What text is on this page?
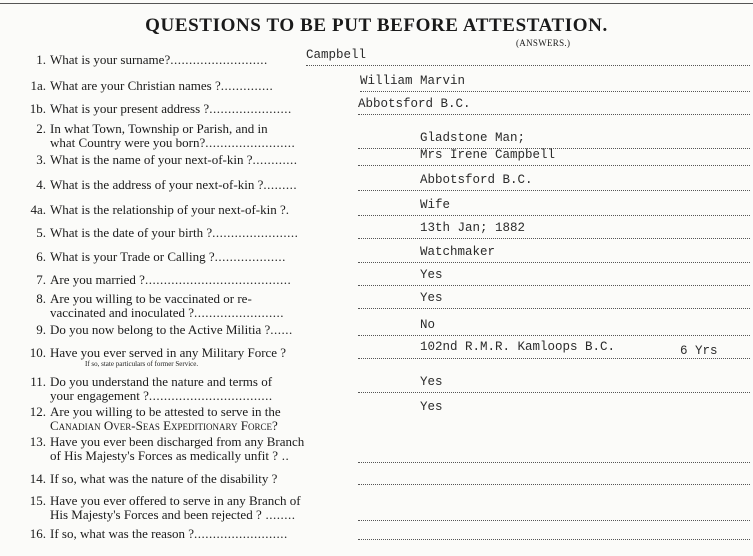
QUESTIONS TO BE PUT BEFORE ATTESTATION.
(ANSWERS.)
1. What is your surname?..........................	Campbell
1a. What are your Christian names ?..............	William Marvin
1b. What is your present address ?......................	Abbotsford B.C.
2. In what Town, Township or Parish, and in
what Country were you born?........................	Gladstone Man;
3. What is the name of your next-of-kin ?............	Mrs Irene Campbell
4. What is the address of your next-of-kin ?.........	Abbotsford B.C.
4a. What is the relationship of your next-of-kin ?.	Wife
5. What is the date of your birth ?.......................	13th Jan; 1882
6. What is your Trade or Calling ?...................	Watchmaker
7. Are you married ?.......................................	Yes
8. Are you willing to be vaccinated or re-
vaccinated and inoculated ?........................
Yes
9. Do you now belong to the Active Militia ?......	No
10. Have you ever served in any Military Force ?
If so, state particulars of former Service.
102nd R.M.R. Kamloops B.C.	6 Yrs
11. Do you understand the nature and terms of
your engagement ?.................................
Yes
12. Are you willing to be attested to serve in the
Canadian Over-Seas Expeditionary Force?
Yes
13. Have you ever been discharged from any Branch
of His Majesty's Forces as medically unfit ? ..
14. If so, what was the nature of the disability ?
15. Have you ever offered to serve in any Branch of
His Majesty's Forces and been rejected ? ........
16. If so, what was the reason ?.........................
